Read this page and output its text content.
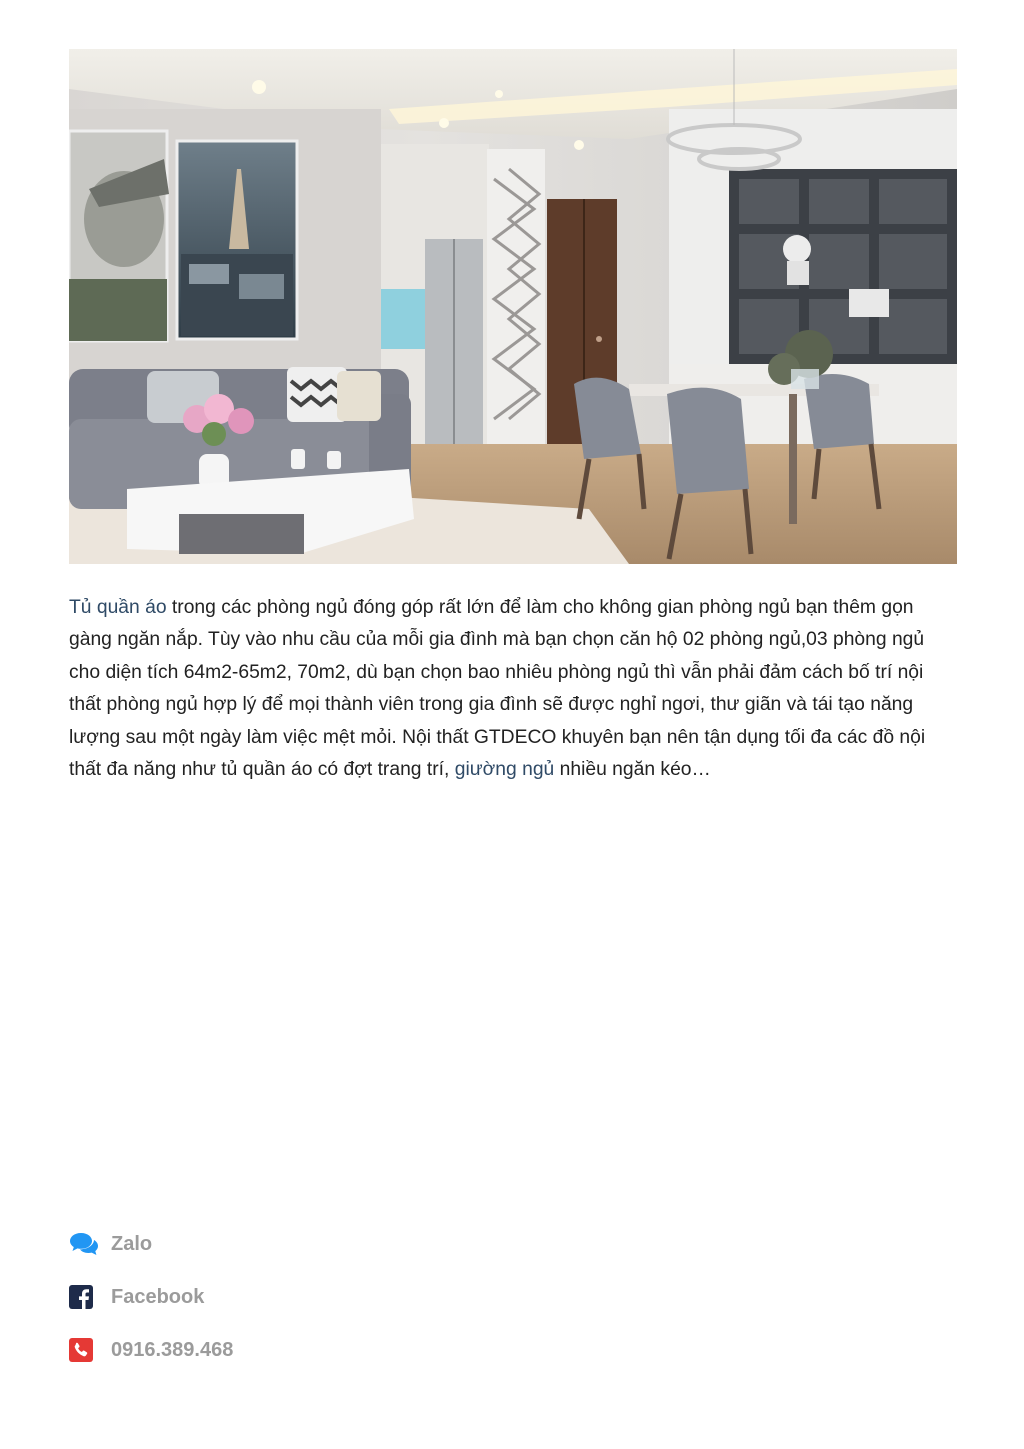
Tủ quần áo trong các phòng ngủ đóng góp rất lớn để làm cho không gian phòng ngủ bạn thêm gọn gàng ngăn nắp. Tùy vào nhu cầu của mỗi gia đình mà bạn chọn căn hộ 02 phòng ngủ,03 phòng ngủ cho diện tích 64m2-65m2, 70m2, dù bạn chọn bao nhiêu phòng ngủ thì vẫn phải đảm cách bố trí nội thất phòng ngủ hợp lý để mọi thành viên trong gia đình sẽ được nghỉ ngơi, thư giãn và tái tạo năng lượng sau một ngày làm việc mệt mỏi. Nội thất GTDECO khuyên bạn nên tận dụng tối đa các đồ nội thất đa năng như tủ quần áo có đợt trang trí, giường ngủ nhiều ngăn kéo…

Zalo
Facebook
0916.389.468
